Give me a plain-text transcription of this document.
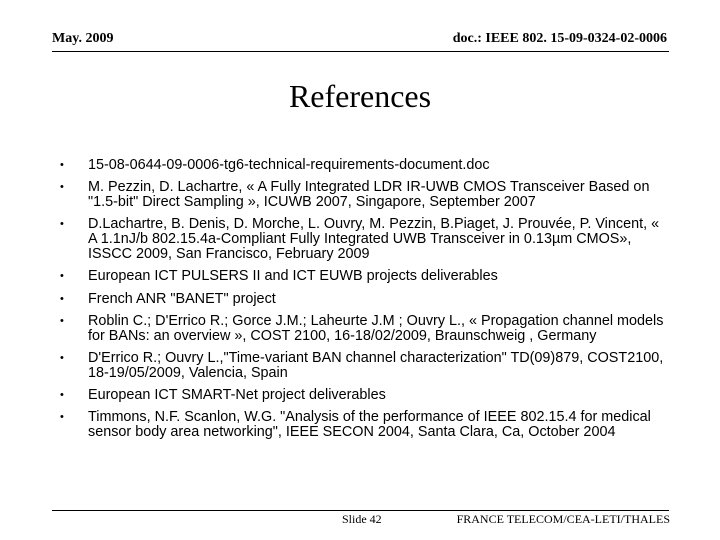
May. 2009	doc.: IEEE 802. 15-09-0324-02-0006
References
• 15-08-0644-09-0006-tg6-technical-requirements-document.doc
• M. Pezzin, D. Lachartre, « A Fully Integrated LDR IR-UWB CMOS Transceiver Based on "1.5-bit" Direct Sampling », ICUWB 2007, Singapore, September 2007
• D.Lachartre, B. Denis, D. Morche, L. Ouvry, M. Pezzin, B.Piaget, J. Prouvée, P. Vincent, « A 1.1nJ/b 802.15.4a-Compliant Fully Integrated UWB Transceiver in 0.13µm CMOS», ISSCC 2009, San Francisco, February 2009
• European ICT PULSERS II and ICT EUWB projects deliverables
• French ANR "BANET" project
• Roblin C.; D'Errico R.; Gorce J.M.; Laheurte J.M ; Ouvry L., « Propagation channel models for BANs: an overview », COST 2100, 16-18/02/2009, Braunschweig , Germany
• D'Errico R.; Ouvry L.,"Time-variant BAN channel characterization" TD(09)879, COST2100, 18-19/05/2009, Valencia, Spain
• European ICT SMART-Net project deliverables
• Timmons, N.F. Scanlon, W.G. "Analysis of the performance of IEEE 802.15.4 for medical sensor body area networking", IEEE SECON 2004, Santa Clara, Ca, October 2004
Slide 42	FRANCE TELECOM/CEA-LETI/THALES
